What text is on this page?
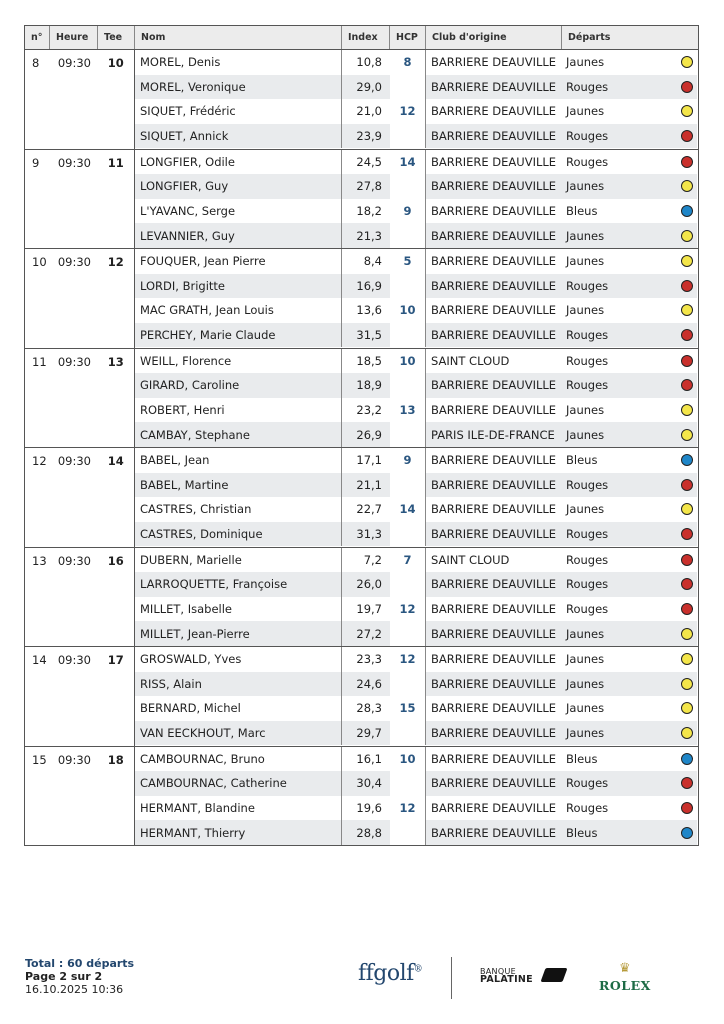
n°	Heure	Tee	Nom	Index	HCP	Club d'origine	Départs
8	09:30	10	MOREL, Denis	10,8	8	BARRIERE DEAUVILLE Jaunes
MOREL, Veronique	29,0	BARRIERE DEAUVILLE Rouges
SIQUET, Frédéric	21,0	12	BARRIERE DEAUVILLE Jaunes
SIQUET, Annick	23,9	BARRIERE DEAUVILLE Rouges
9	09:30	11	LONGFIER, Odile	24,5	14	BARRIERE DEAUVILLE Rouges
LONGFIER, Guy	27,8	BARRIERE DEAUVILLE Jaunes
L'YAVANC, Serge	18,2	9	BARRIERE DEAUVILLE Bleus
LEVANNIER, Guy	21,3	BARRIERE DEAUVILLE Jaunes
10 09:30	12	FOUQUER, Jean Pierre	8,4	5	BARRIERE DEAUVILLE Jaunes
LORDI, Brigitte	16,9	BARRIERE DEAUVILLE Rouges
MAC GRATH, Jean Louis	13,6	10	BARRIERE DEAUVILLE Jaunes
PERCHEY, Marie Claude	31,5	BARRIERE DEAUVILLE Rouges
11 09:30	13	WEILL, Florence	18,5	10	SAINT CLOUD	Rouges
GIRARD, Caroline	18,9	BARRIERE DEAUVILLE Rouges
ROBERT, Henri	23,2	13	BARRIERE DEAUVILLE Jaunes
CAMBAY, Stephane	26,9	PARIS ILE-DE-FRANCE Jaunes
12 09:30	14	BABEL, Jean	17,1	9	BARRIERE DEAUVILLE Bleus
BABEL, Martine	21,1	BARRIERE DEAUVILLE Rouges
CASTRES, Christian	22,7	14	BARRIERE DEAUVILLE Jaunes
CASTRES, Dominique	31,3	BARRIERE DEAUVILLE Rouges
13 09:30	16	DUBERN, Marielle	7,2	7	SAINT CLOUD	Rouges
LARROQUETTE, Françoise	26,0	BARRIERE DEAUVILLE Rouges
MILLET, Isabelle	19,7	12	BARRIERE DEAUVILLE Rouges
MILLET, Jean-Pierre	27,2	BARRIERE DEAUVILLE Jaunes
14 09:30	17	GROSWALD, Yves	23,3	12	BARRIERE DEAUVILLE Jaunes
RISS, Alain	24,6	BARRIERE DEAUVILLE Jaunes
BERNARD, Michel	28,3	15	BARRIERE DEAUVILLE Jaunes
VAN EECKHOUT, Marc	29,7	BARRIERE DEAUVILLE Jaunes
15 09:30	18	CAMBOURNAC, Bruno	16,1	10	BARRIERE DEAUVILLE Bleus
CAMBOURNAC, Catherine	30,4	BARRIERE DEAUVILLE Rouges
HERMANT, Blandine	19,6	12	BARRIERE DEAUVILLE Rouges
HERMANT, Thierry	28,8	BARRIERE DEAUVILLE Bleus
Total : 60 départs
Page 2 sur 2
16.10.2025 10:36
ffgolf®	BANQUE
PALATINE
♛
ROLEX
